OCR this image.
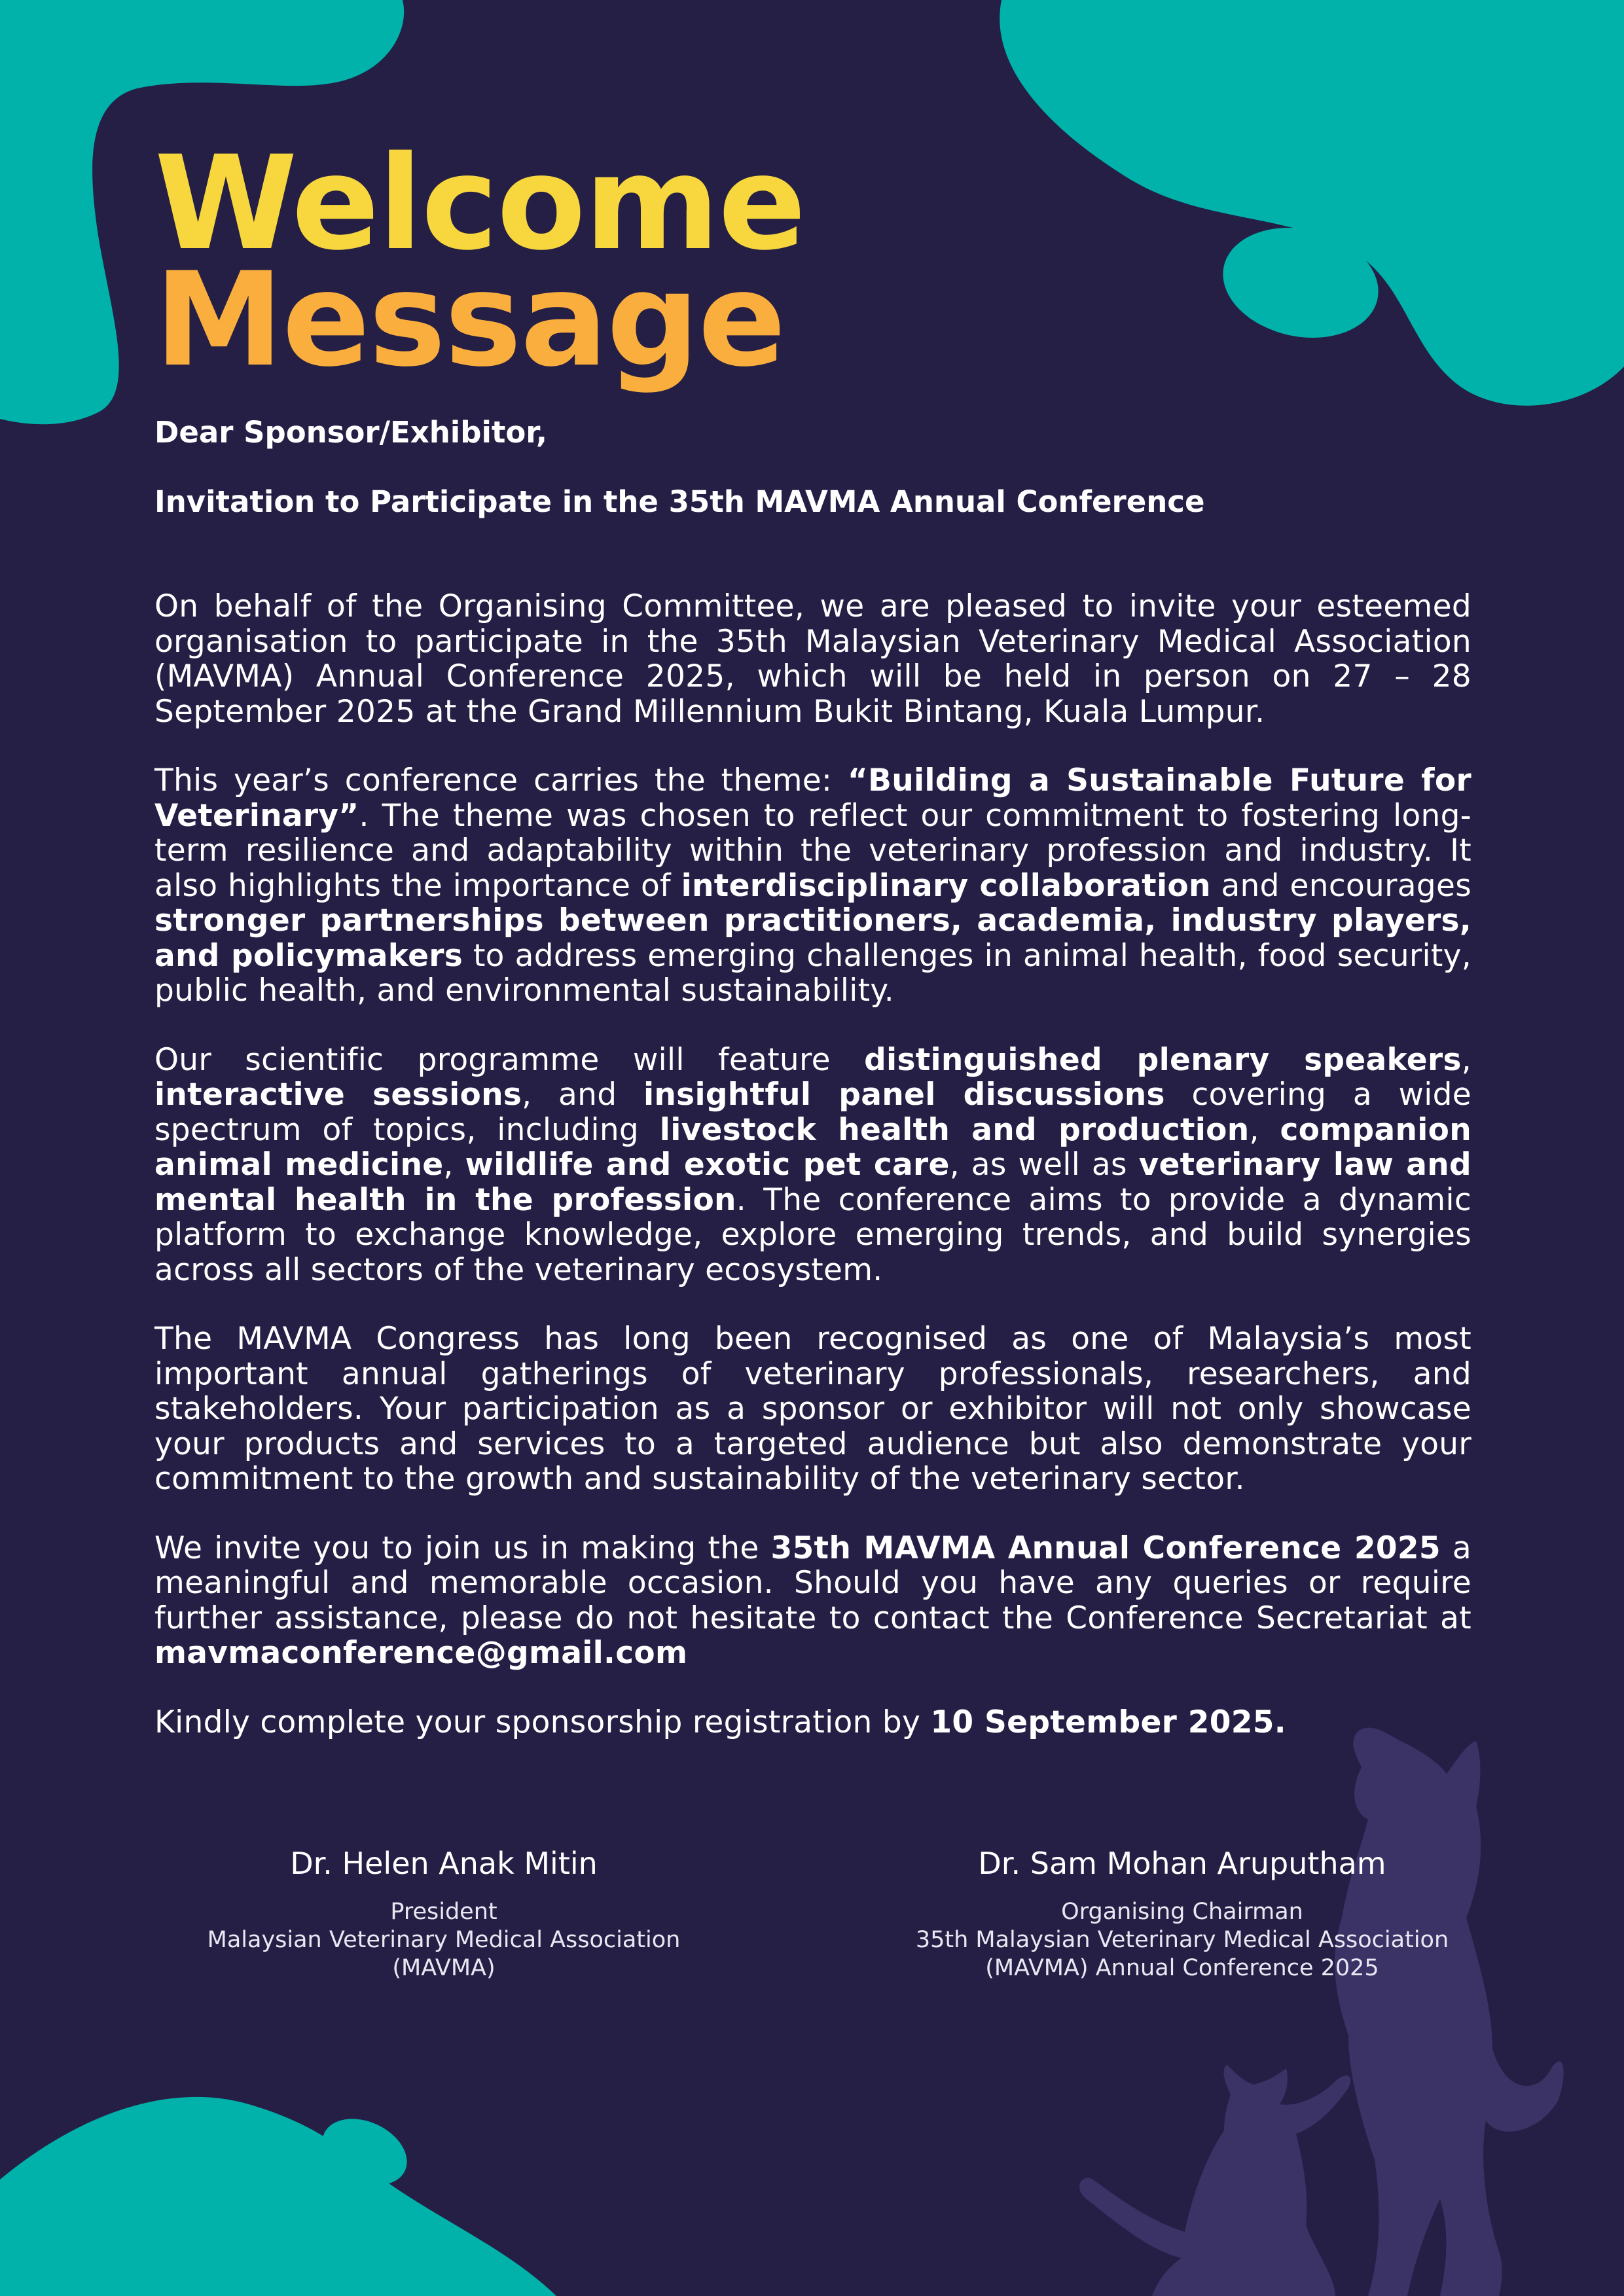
Welcome
Message

Dear Sponsor/Exhibitor,

Invitation to Participate in the 35th MAVMA Annual Conference

On behalf of the Organising Committee, we are pleased to invite your esteemed organisation to participate in the 35th Malaysian Veterinary Medical Association (MAVMA) Annual Conference 2025, which will be held in person on 27 – 28 September 2025 at the Grand Millennium Bukit Bintang, Kuala Lumpur.

This year’s conference carries the theme: “Building a Sustainable Future for Veterinary”. The theme was chosen to reflect our commitment to fostering long-term resilience and adaptability within the veterinary profession and industry. It also highlights the importance of interdisciplinary collaboration and encourages stronger partnerships between practitioners, academia, industry players, and policymakers to address emerging challenges in animal health, food security, public health, and environmental sustainability.

Our scientific programme will feature distinguished plenary speakers, interactive sessions, and insightful panel discussions covering a wide spectrum of topics, including livestock health and production, companion animal medicine, wildlife and exotic pet care, as well as veterinary law and mental health in the profession. The conference aims to provide a dynamic platform to exchange knowledge, explore emerging trends, and build synergies across all sectors of the veterinary ecosystem.

The MAVMA Congress has long been recognised as one of Malaysia’s most important annual gatherings of veterinary professionals, researchers, and stakeholders. Your participation as a sponsor or exhibitor will not only showcase your products and services to a targeted audience but also demonstrate your commitment to the growth and sustainability of the veterinary sector.

We invite you to join us in making the 35th MAVMA Annual Conference 2025 a meaningful and memorable occasion. Should you have any queries or require further assistance, please do not hesitate to contact the Conference Secretariat at mavmaconference@gmail.com

Kindly complete your sponsorship registration by 10 September 2025.

Dr. Helen Anak Mitin

President

Malaysian Veterinary Medical Association

(MAVMA)

Dr. Sam Mohan Aruputham

Organising Chairman

35th Malaysian Veterinary Medical Association

(MAVMA) Annual Conference 2025
